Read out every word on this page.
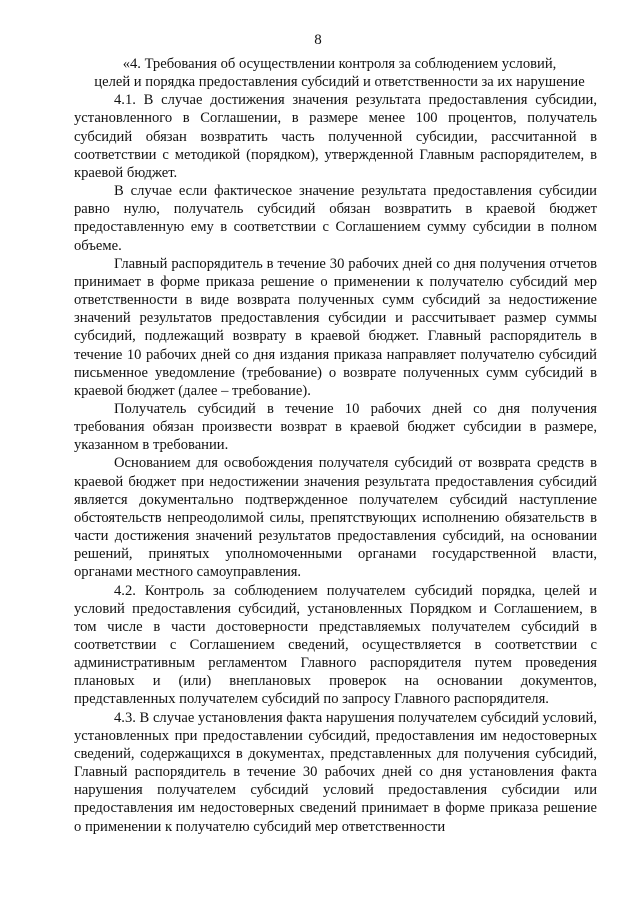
8
«4. Требования об осуществлении контроля за соблюдением условий,
целей и порядка предоставления субсидий и ответственности за их нарушение

4.1. В случае достижения значения результата предоставления субсидии, установленного в Соглашении, в размере менее 100 процентов, получатель субсидий обязан возвратить часть полученной субсидии, рассчитанной в соответствии с методикой (порядком), утвержденной Главным распорядителем, в краевой бюджет.

В случае если фактическое значение результата предоставления субсидии равно нулю, получатель субсидий обязан возвратить в краевой бюджет предоставленную ему в соответствии с Соглашением сумму субсидии в полном объеме.

Главный распорядитель в течение 30 рабочих дней со дня получения отчетов принимает в форме приказа решение о применении к получателю субсидий мер ответственности в виде возврата полученных сумм субсидий за недостижение значений результатов предоставления субсидии и рассчитывает размер суммы субсидий, подлежащий возврату в краевой бюджет. Главный распорядитель в течение 10 рабочих дней со дня издания приказа направляет получателю субсидий письменное уведомление (требование) о возврате полученных сумм субсидий в краевой бюджет (далее – требование).

Получатель субсидий в течение 10 рабочих дней со дня получения требования обязан произвести возврат в краевой бюджет субсидии в размере, указанном в требовании.

Основанием для освобождения получателя субсидий от возврата средств в краевой бюджет при недостижении значения результата предоставления субсидий является документально подтвержденное получателем субсидий наступление обстоятельств непреодолимой силы, препятствующих исполнению обязательств в части достижения значений результатов предоставления субсидий, на основании решений, принятых уполномоченными органами государственной власти, органами местного самоуправления.

4.2. Контроль за соблюдением получателем субсидий порядка, целей и условий предоставления субсидий, установленных Порядком и Соглашением, в том числе в части достоверности представляемых получателем субсидий в соответствии с Соглашением сведений, осуществляется в соответствии с административным регламентом Главного распорядителя путем проведения плановых и (или) внеплановых проверок на основании документов, представленных получателем субсидий по запросу Главного распорядителя.

4.3. В случае установления факта нарушения получателем субсидий условий, установленных при предоставлении субсидий, предоставления им недостоверных сведений, содержащихся в документах, представленных для получения субсидий, Главный распорядитель в течение 30 рабочих дней со дня установления факта нарушения получателем субсидий условий предоставления субсидии или предоставления им недостоверных сведений принимает в форме приказа решение о применении к получателю субсидий мер ответственности
